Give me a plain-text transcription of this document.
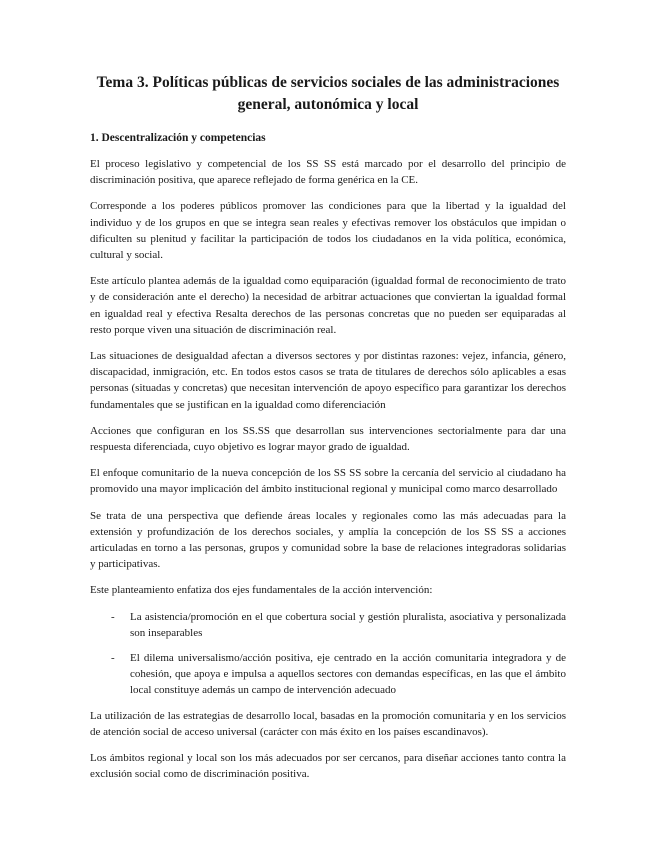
Tema 3. Políticas públicas de servicios sociales de las administraciones general, autonómica y local
1. Descentralización y competencias

El proceso legislativo y competencial de los SS SS está marcado por el desarrollo del principio de discriminación positiva, que aparece reflejado de forma genérica en la CE.

Corresponde a los poderes públicos promover las condiciones para que la libertad y la igualdad del individuo y de los grupos en que se integra sean reales y efectivas remover los obstáculos que impidan o dificulten su plenitud y facilitar la participación de todos los ciudadanos en la vida política, económica, cultural y social.

Este artículo plantea además de la igualdad como equiparación (igualdad formal de reconocimiento de trato y de consideración ante el derecho) la necesidad de arbitrar actuaciones que conviertan la igualdad formal en igualdad real y efectiva Resalta derechos de las personas concretas que no pueden ser equiparadas al resto porque viven una situación de discriminación real.

Las situaciones de desigualdad afectan a diversos sectores y por distintas razones: vejez, infancia, género, discapacidad, inmigración, etc. En todos estos casos se trata de titulares de derechos sólo aplicables a esas personas (situadas y concretas) que necesitan intervención de apoyo específico para garantizar los derechos fundamentales que se justifican en la igualdad como diferenciación

Acciones que configuran en los SS.SS que desarrollan sus intervenciones sectorialmente para dar una respuesta diferenciada, cuyo objetivo es lograr mayor grado de igualdad.

El enfoque comunitario de la nueva concepción de los SS SS sobre la cercanía del servicio al ciudadano ha promovido una mayor implicación del ámbito institucional regional y municipal como marco desarrollado

Se trata de una perspectiva que defiende áreas locales y regionales como las más adecuadas para la extensión y profundización de los derechos sociales, y amplía la concepción de los SS SS a acciones articuladas en torno a las personas, grupos y comunidad sobre la base de relaciones integradoras solidarias y participativas.

Este planteamiento enfatiza dos ejes fundamentales de la acción intervención:

- La asistencia/promoción en el que cobertura social y gestión pluralista, asociativa y personalizada son inseparables
- El dilema universalismo/acción positiva, eje centrado en la acción comunitaria integradora y de cohesión, que apoya e impulsa a aquellos sectores con demandas específicas, en las que el ámbito local constituye además un campo de intervención adecuado

La utilización de las estrategias de desarrollo local, basadas en la promoción comunitaria y en los servicios de atención social de acceso universal (carácter con más éxito en los países escandinavos).

Los ámbitos regional y local son los más adecuados por ser cercanos, para diseñar acciones tanto contra la exclusión social como de discriminación positiva.
